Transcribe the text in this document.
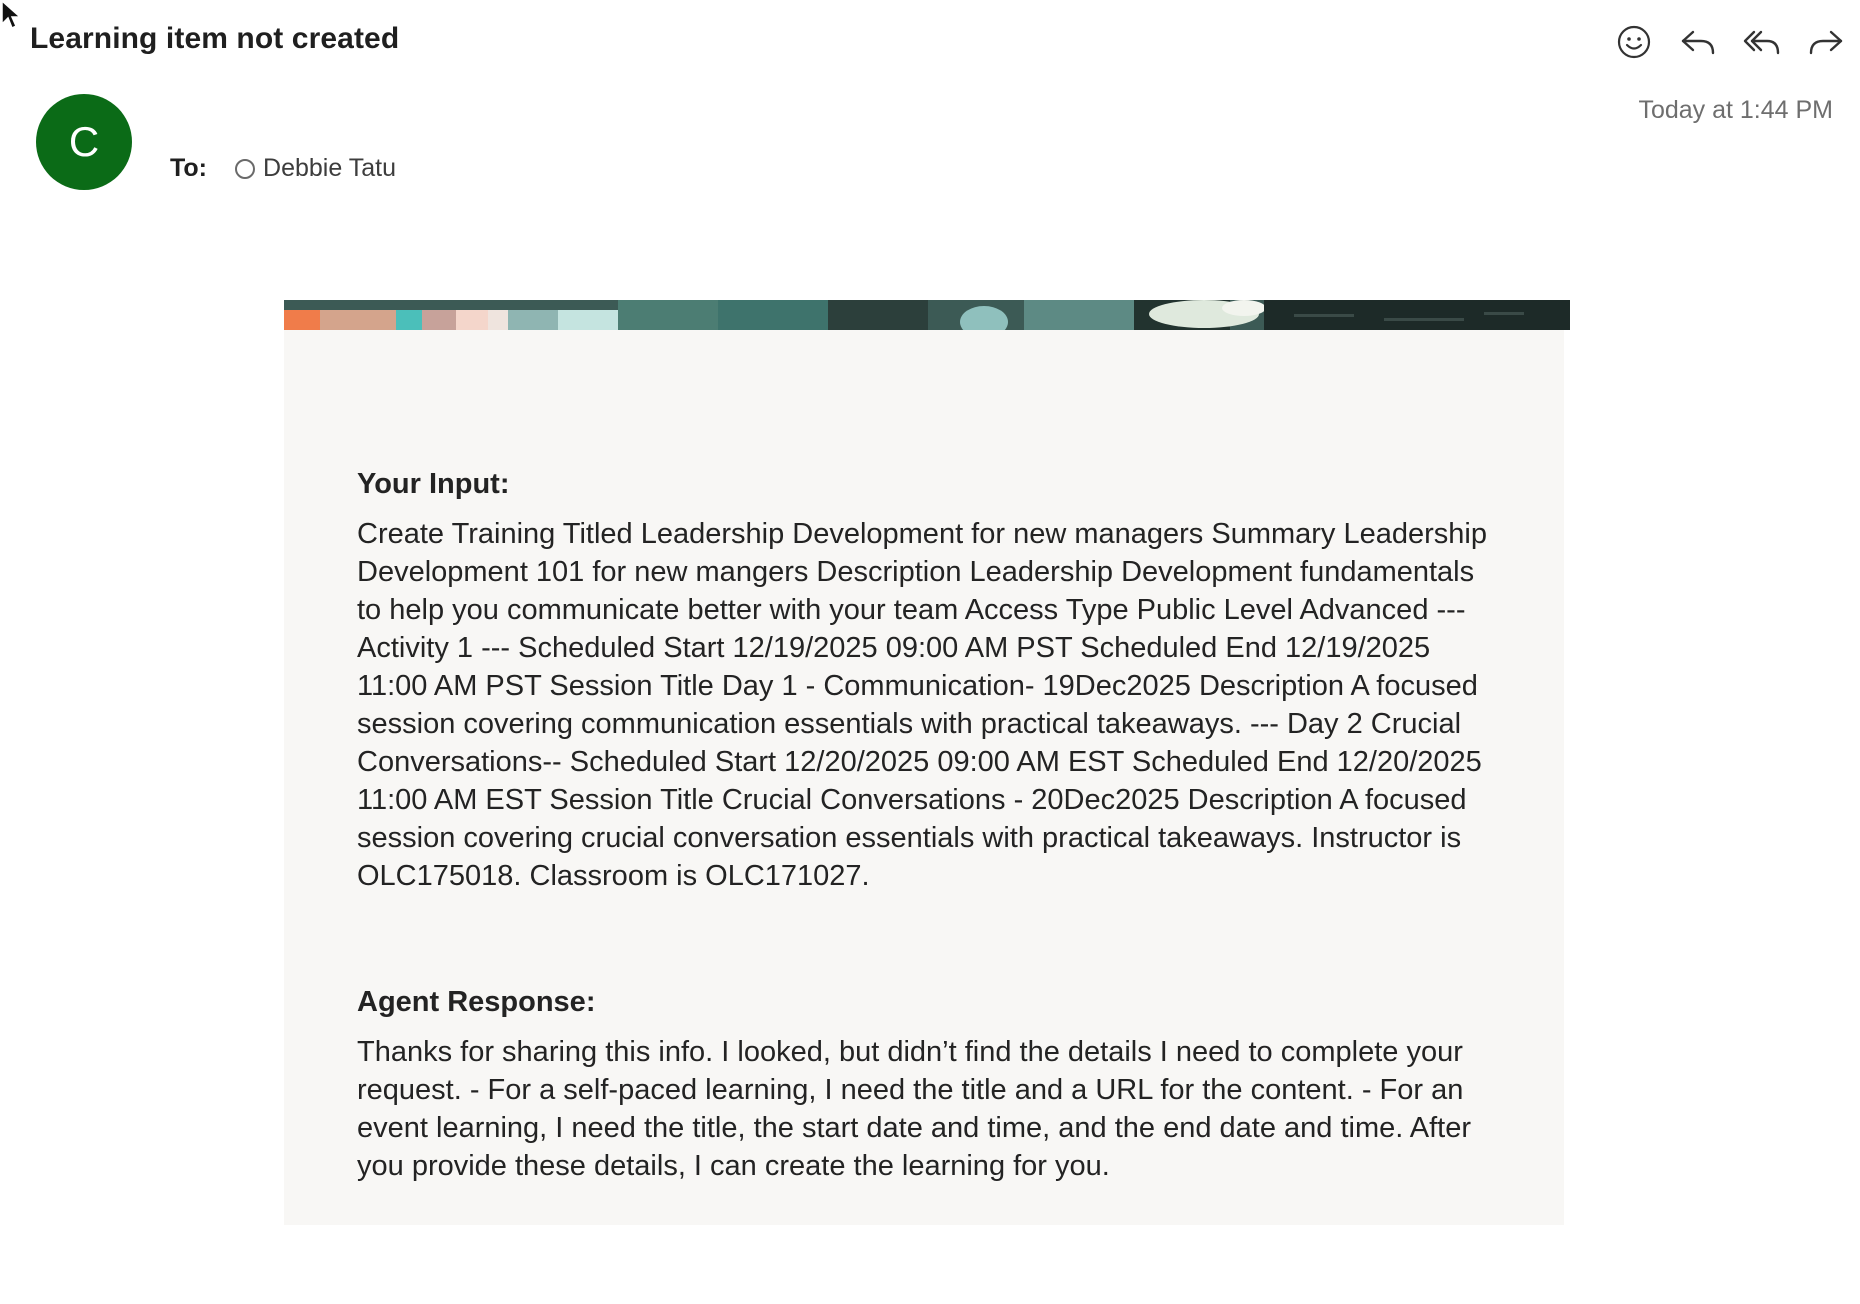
Learning item not created
C
Today at 1:44 PM
To: Debbie Tatu
Your Input:

Create Training Titled Leadership Development for new managers Summary Leadership Development 101 for new mangers Description Leadership Development fundamentals to help you communicate better with your team Access Type Public Level Advanced --- Activity 1 --- Scheduled Start 12/19/2025 09:00 AM PST Scheduled End 12/19/2025 11:00 AM PST Session Title Day 1 - Communication- 19Dec2025 Description A focused session covering communication essentials with practical takeaways. --- Day 2 Crucial Conversations-- Scheduled Start 12/20/2025 09:00 AM EST Scheduled End 12/20/2025 11:00 AM EST Session Title Crucial Conversations - 20Dec2025 Description A focused session covering crucial conversation essentials with practical takeaways. Instructor is OLC175018. Classroom is OLC171027.

Agent Response:

Thanks for sharing this info. I looked, but didn’t find the details I need to complete your request. - For a self-paced learning, I need the title and a URL for the content. - For an event learning, I need the title, the start date and time, and the end date and time. After you provide these details, I can create the learning for you.
